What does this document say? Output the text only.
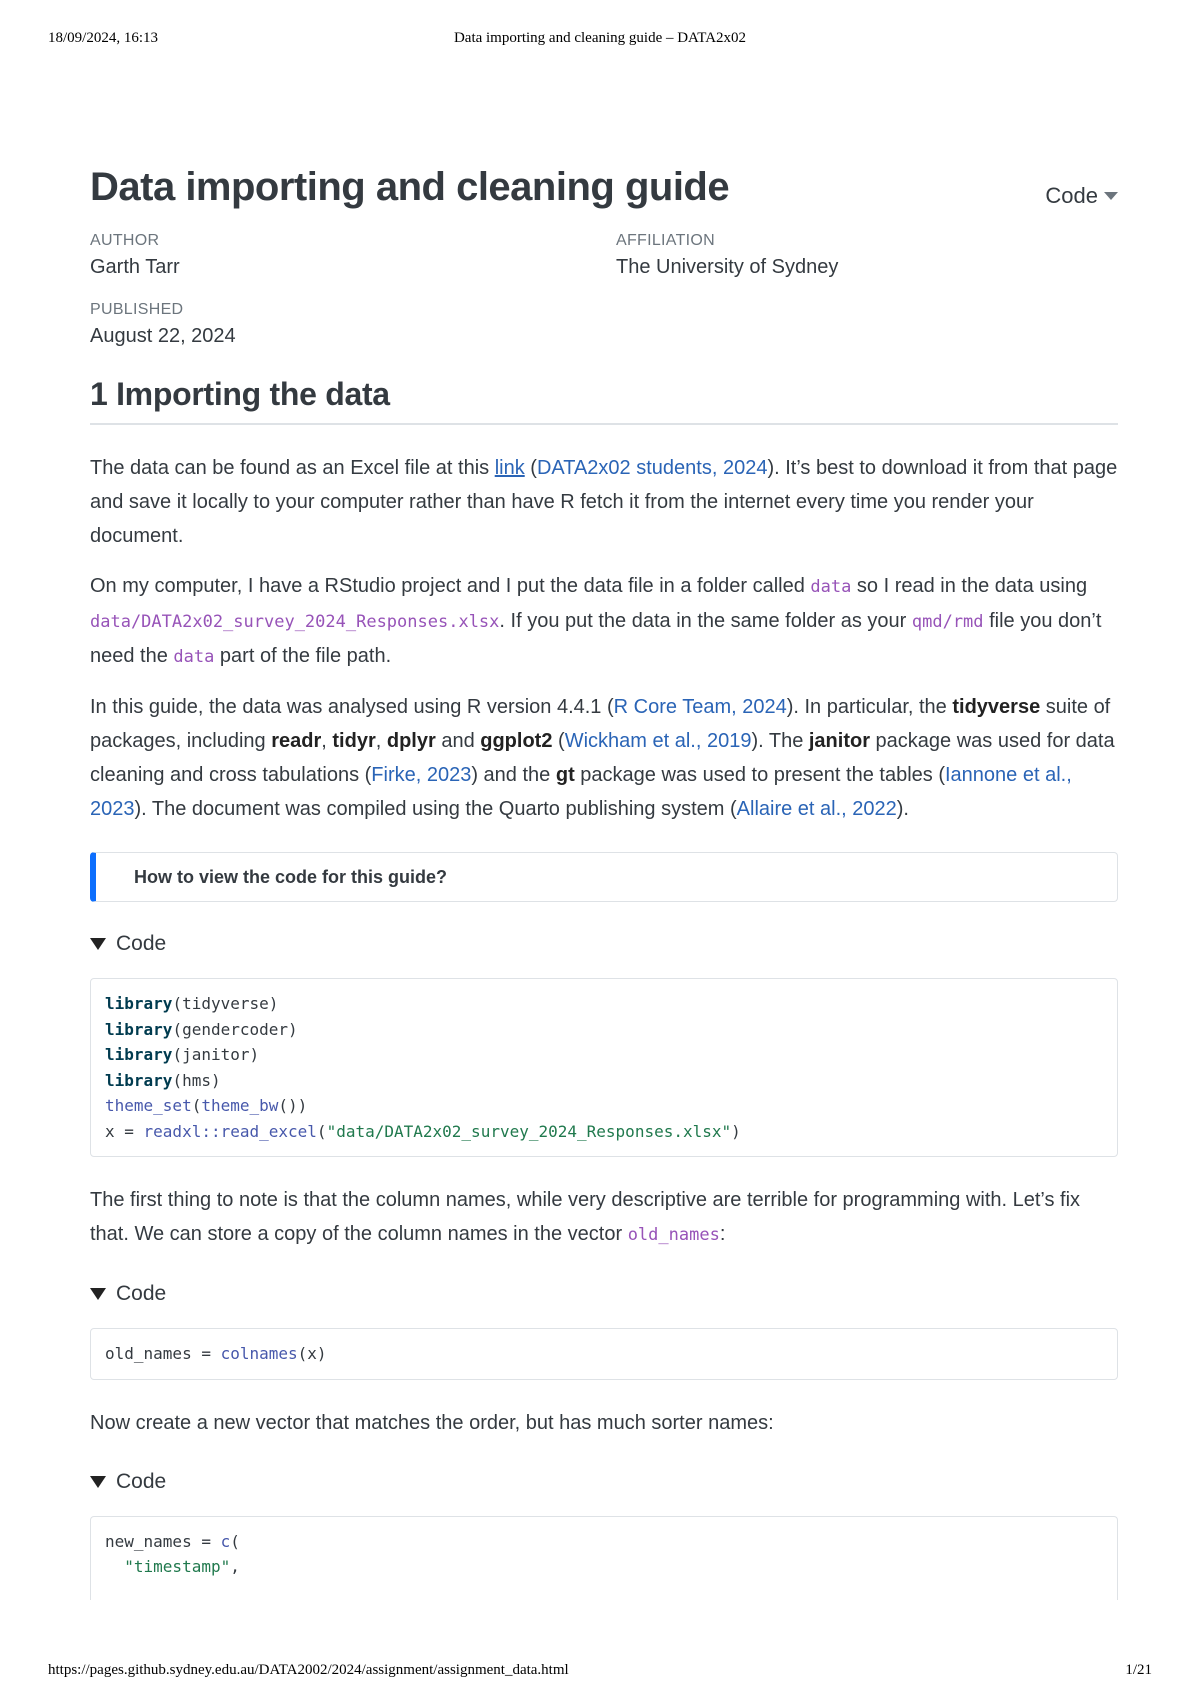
18/09/2024, 16:13	Data importing and cleaning guide – DATA2x02
Data importing and cleaning guide	Code
AUTHOR
Garth Tarr
AFFILIATION
The University of Sydney
PUBLISHED
August 22, 2024
1 Importing the data

The data can be found as an Excel file at this link (DATA2x02 students, 2024). It’s best to download it from that page and save it locally to your computer rather than have R fetch it from the internet every time you render your document.

On my computer, I have a RStudio project and I put the data file in a folder called data so I read in the data using data/DATA2x02_survey_2024_Responses.xlsx. If you put the data in the same folder as your qmd/rmd file you don’t need the data part of the file path.

In this guide, the data was analysed using R version 4.4.1 (R Core Team, 2024). In particular, the tidyverse suite of packages, including readr, tidyr, dplyr and ggplot2 (Wickham et al., 2019). The janitor package was used for data cleaning and cross tabulations (Firke, 2023) and the gt package was used to present the tables (Iannone et al., 2023). The document was compiled using the Quarto publishing system (Allaire et al., 2022).

How to view the code for this guide?
Code
library(tidyverse)
library(gendercoder)
library(janitor)
library(hms)
theme_set(theme_bw())
x = readxl::read_excel("data/DATA2x02_survey_2024_Responses.xlsx")

The first thing to note is that the column names, while very descriptive are terrible for programming with. Let’s fix that. We can store a copy of the column names in the vector old_names:

Code
old_names = colnames(x)

Now create a new vector that matches the order, but has much sorter names:

Code
new_names = c(
"timestamp",
https://pages.github.sydney.edu.au/DATA2002/2024/assignment/assignment_data.html	1/21
